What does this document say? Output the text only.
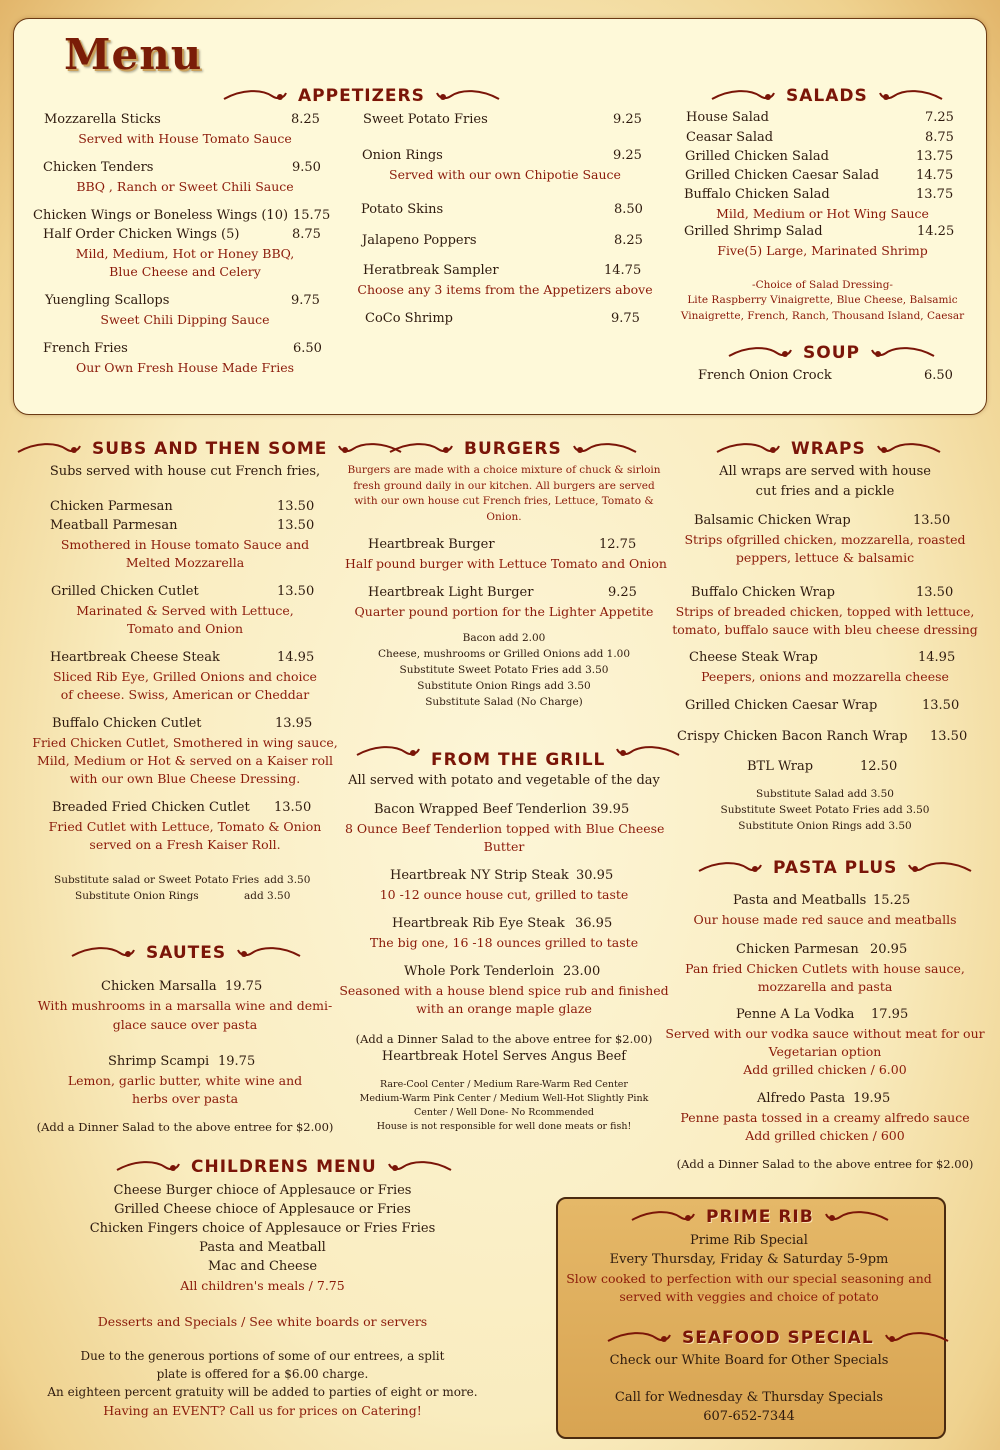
Menu
APPETIZERS
Mozzarella Sticks	8.25
Served with House Tomato Sauce
Chicken Tenders	9.50
BBQ , Ranch or Sweet Chili Sauce
Chicken Wings or Boneless Wings (10) 15.75
Half Order Chicken Wings (5)	8.75
Mild, Medium, Hot or Honey BBQ,
Blue Cheese and Celery
Yuengling Scallops	9.75
Sweet Chili Dipping Sauce
French Fries	6.50
Our Own Fresh House Made Fries
Sweet Potato Fries	9.25
Onion Rings	9.25
Served with our own Chipotie Sauce
Potato Skins	8.50
Jalapeno Poppers	8.25
Heratbreak Sampler	14.75
Choose any 3 items from the Appetizers above
CoCo Shrimp	9.75
SALADS
House Salad	7.25
Ceasar Salad	8.75
Grilled Chicken Salad	13.75
Grilled Chicken Caesar Salad	14.75
Buffalo Chicken Salad	13.75
Mild, Medium or Hot Wing Sauce
Grilled Shrimp Salad	14.25
Five(5) Large, Marinated Shrimp
-Choice of Salad Dressing-
Lite Raspberry Vinaigrette, Blue Cheese, Balsamic
Vinaigrette, French, Ranch, Thousand Island, Caesar
SOUP
French Onion Crock	6.50
SUBS AND THEN SOME
Subs served with house cut French fries,
Chicken Parmesan	13.50
Meatball Parmesan	13.50
Smothered in House tomato Sauce and
Melted Mozzarella
Grilled Chicken Cutlet	13.50
Marinated & Served with Lettuce,
Tomato and Onion
Heartbreak Cheese Steak	14.95
Sliced Rib Eye, Grilled Onions and choice
of cheese. Swiss, American or Cheddar
Buffalo Chicken Cutlet	13.95
Fried Chicken Cutlet, Smothered in wing sauce,
Mild, Medium or Hot & served on a Kaiser roll
with our own Blue Cheese Dressing.
Breaded Fried Chicken Cutlet 13.50
Fried Cutlet with Lettuce, Tomato & Onion
served on a Fresh Kaiser Roll.
Substitute salad or Sweet Potato Fries add 3.50
Substitute Onion Rings	add 3.50
SAUTES
Chicken Marsalla 19.75
With mushrooms in a marsalla wine and demi-
glace sauce over pasta
Shrimp Scampi 19.75
Lemon, garlic butter, white wine and
herbs over pasta
(Add a Dinner Salad to the above entree for $2.00)
CHILDRENS MENU
Cheese Burger chioce of Applesauce or Fries
Grilled Cheese chioce of Applesauce or Fries
Chicken Fingers choice of Applesauce or Fries Fries
Pasta and Meatball
Mac and Cheese
All children's meals / 7.75
Desserts and Specials / See white boards or servers
Due to the generous portions of some of our entrees, a split
plate is offered for a $6.00 charge.
An eighteen percent gratuity will be added to parties of eight or more.
Having an EVENT? Call us for prices on Catering!
BURGERS
Burgers are made with a choice mixture of chuck & sirloin
fresh ground daily in our kitchen. All burgers are served
with our own house cut French fries, Lettuce, Tomato &
Onion.
Heartbreak Burger	12.75
Half pound burger with Lettuce Tomato and Onion
Heartbreak Light Burger	9.25
Quarter pound portion for the Lighter Appetite
Bacon add 2.00
Cheese, mushrooms or Grilled Onions add 1.00
Substitute Sweet Potato Fries add 3.50
Substitute Onion Rings add 3.50
Substitute Salad (No Charge)
FROM THE GRILL
All served with potato and vegetable of the day
Bacon Wrapped Beef Tenderlion 39.95
8 Ounce Beef Tenderlion topped with Blue Cheese
Butter
Heartbreak NY Strip Steak 30.95
10 -12 ounce house cut, grilled to taste
Heartbreak Rib Eye Steak 36.95
The big one, 16 -18 ounces grilled to taste
Whole Pork Tenderloin 23.00
Seasoned with a house blend spice rub and finished
with an orange maple glaze
(Add a Dinner Salad to the above entree for $2.00)
Heartbreak Hotel Serves Angus Beef
Rare-Cool Center / Medium Rare-Warm Red Center
Medium-Warm Pink Center / Medium Well-Hot Slightly Pink
Center / Well Done- No Rcommended
House is not responsible for well done meats or fish!
WRAPS
All wraps are served with house
cut fries and a pickle
Balsamic Chicken Wrap	13.50
Strips ofgrilled chicken, mozzarella, roasted
peppers, lettuce & balsamic
Buffalo Chicken Wrap	13.50
Strips of breaded chicken, topped with lettuce,
tomato, buffalo sauce with bleu cheese dressing
Cheese Steak Wrap	14.95
Peepers, onions and mozzarella cheese
Grilled Chicken Caesar Wrap	13.50
Crispy Chicken Bacon Ranch Wrap 13.50
BTL Wrap	12.50
Substitute Salad add 3.50
Substitute Sweet Potato Fries add 3.50
Substitute Onion Rings add 3.50
PASTA PLUS
Pasta and Meatballs 15.25
Our house made red sauce and meatballs
Chicken Parmesan 20.95
Pan fried Chicken Cutlets with house sauce,
mozzarella and pasta
Penne A La Vodka 17.95
Served with our vodka sauce without meat for our
Vegetarian option
Add grilled chicken / 6.00
Alfredo Pasta 19.95
Penne pasta tossed in a creamy alfredo sauce
Add grilled chicken / 600
(Add a Dinner Salad to the above entree for $2.00)
PRIME RIB
Prime Rib Special
Every Thursday, Friday & Saturday 5-9pm
Slow cooked to perfection with our special seasoning and
served with veggies and choice of potato
SEAFOOD SPECIAL
Check our White Board for Other Specials
Call for Wednesday & Thursday Specials
607-652-7344
